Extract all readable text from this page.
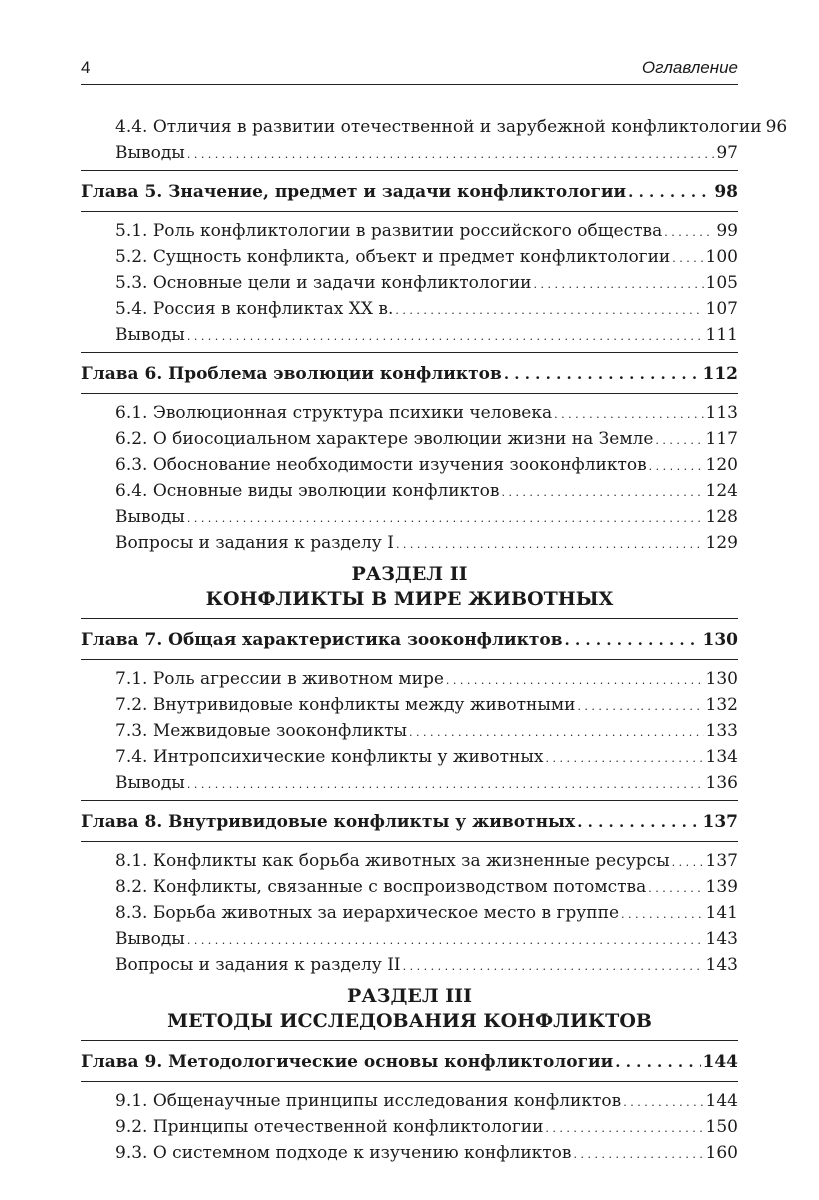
4	Оглавление
4.4. Отличия в развитии отечественной и зарубежной конфликтологии 96
Выводы . . .	97
Глава 5. Значение, предмет и задачи конфликтологии . . .	98
5.1. Роль конфликтологии в развитии российского общества . . .	99
5.2. Сущность конфликта, объект и предмет конфликтологии . . . 100
5.3. Основные цели и задачи конфликтологии . . .	105
5.4. Россия в конфликтах XX в. . . .	107
Выводы . . .	111
Глава 6. Проблема эволюции конфликтов . . .	112
6.1. Эволюционная структура психики человека . . .	113
6.2. О биосоциальном характере эволюции жизни на Земле . . .	117
6.3. Обоснование необходимости изучения зооконфликтов . . .	120
6.4. Основные виды эволюции конфликтов . . .	124
Выводы . . .	128
Вопросы и задания к разделу I . . .	129
РАЗДЕЛ II
КОНФЛИКТЫ В МИРЕ ЖИВОТНЫХ
Глава 7. Общая характеристика зооконфликтов . . .	130
7.1. Роль агрессии в животном мире . . .	130
7.2. Внутривидовые конфликты между животными . . .	132
7.3. Межвидовые зооконфликты . . .	133
7.4. Интропсихические конфликты у животных . . .	134
Выводы . . .	136
Глава 8. Внутривидовые конфликты у животных . . .	137
8.1. Конфликты как борьба животных за жизненные ресурсы . . . 137
8.2. Конфликты, связанные с воспроизводством потомства . . .	139
8.3. Борьба животных за иерархическое место в группе . . .	141
Выводы . . .	143
Вопросы и задания к разделу II . . .	143
РАЗДЕЛ III
МЕТОДЫ ИССЛЕДОВАНИЯ КОНФЛИКТОВ
Глава 9. Методологические основы конфликтологии . . .	144
9.1. Общенаучные принципы исследования конфликтов . . .	144
9.2. Принципы отечественной конфликтологии . . .	150
9.3. О системном подходе к изучению конфликтов . . .	160
